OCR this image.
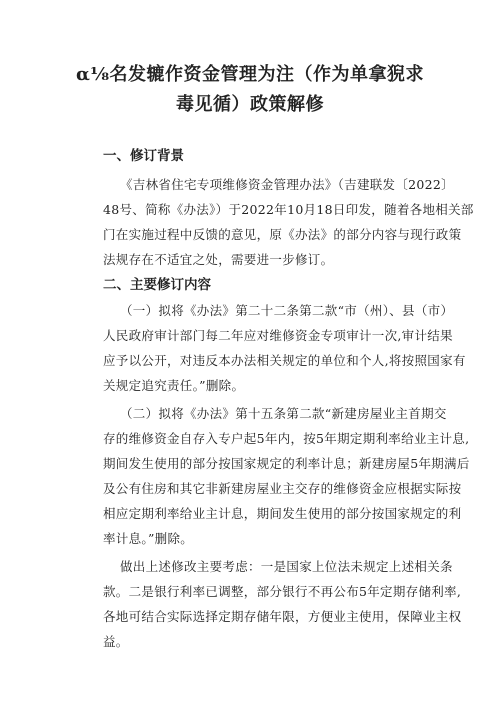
α⅛名发辘作资金管理为注（作为单拿猊求
毒见循）政策解修
一、修订背景
《吉林省住宅专项维修资金管理办法》（吉建联发〔2022〕
48号、简称《办法》）于2022年10月18日印发，随着各地相关部
门在实施过程中反馈的意见，原《办法》的部分内容与现行政策
法规存在不适宜之处，需要进一步修订。
二、主要修订内容
（一）拟将《办法》第二十二条第二款“市（州）、县（市）
人民政府审计部门每二年应对维修资金专项审计一次,审计结果
应予以公开，对违反本办法相关规定的单位和个人,将按照国家有
关规定追究责任。”删除。
（二）拟将《办法》第十五条第二款“新建房屋业主首期交
存的维修资金自存入专户起5年内，按5年期定期利率给业主计息,
期间发生使用的部分按国家规定的利率计息；新建房屋5年期满后
及公有住房和其它非新建房屋业主交存的维修资金应根据实际按
相应定期利率给业主计息，期间发生使用的部分按国家规定的利
率计息。”删除。
做出上述修改主要考虑：一是国家上位法未规定上述相关条
款。二是银行利率已调整，部分银行不再公布5年定期存储利率,
各地可结合实际选择定期存储年限，方便业主使用，保障业主权
益。
